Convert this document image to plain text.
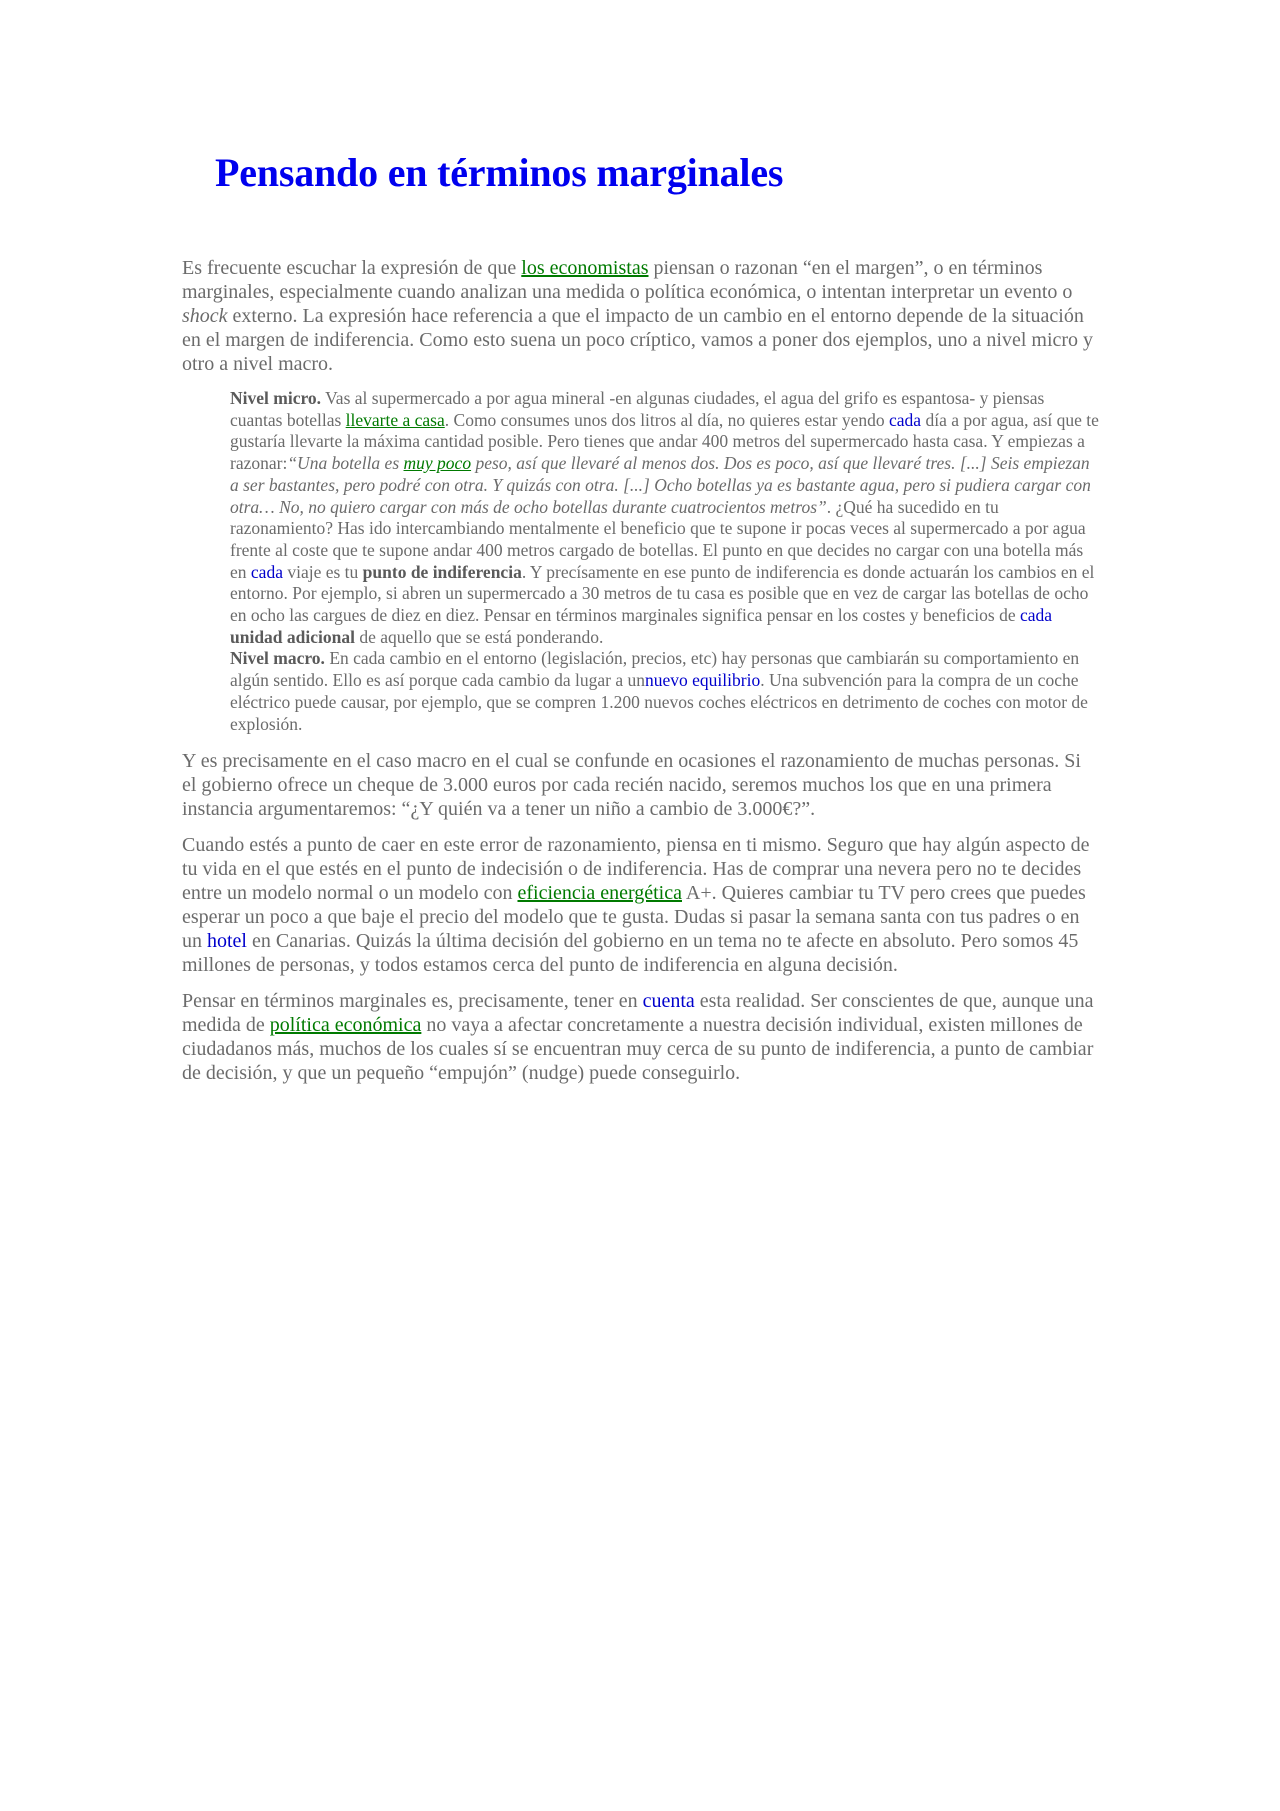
Pensando en términos marginales

Es frecuente escuchar la expresión de que los economistas piensan o razonan “en el margen”, o en términos marginales, especialmente cuando analizan una medida o política económica, o intentan interpretar un evento o shock externo. La expresión hace referencia a que el impacto de un cambio en el entorno depende de la situación en el margen de indiferencia. Como esto suena un poco críptico, vamos a poner dos ejemplos, uno a nivel micro y otro a nivel macro.

Nivel micro. Vas al supermercado a por agua mineral -en algunas ciudades, el agua del grifo es espantosa- y piensas cuantas botellas llevarte a casa. Como consumes unos dos litros al día, no quieres estar yendo cada día a por agua, así que te gustaría llevarte la máxima cantidad posible. Pero tienes que andar 400 metros del supermercado hasta casa. Y empiezas a razonar:“Una botella es muy poco peso, así que llevaré al menos dos. Dos es poco, así que llevaré tres. [...] Seis empiezan a ser bastantes, pero podré con otra. Y quizás con otra. [...] Ocho botellas ya es bastante agua, pero si pudiera cargar con otra… No, no quiero cargar con más de ocho botellas durante cuatrocientos metros”. ¿Qué ha sucedido en tu razonamiento? Has ido intercambiando mentalmente el beneficio que te supone ir pocas veces al supermercado a por agua frente al coste que te supone andar 400 metros cargado de botellas. El punto en que decides no cargar con una botella más en cada viaje es tu punto de indiferencia. Y precísamente en ese punto de indiferencia es donde actuarán los cambios en el entorno. Por ejemplo, si abren un supermercado a 30 metros de tu casa es posible que en vez de cargar las botellas de ocho en ocho las cargues de diez en diez. Pensar en términos marginales significa pensar en los costes y beneficios de cada unidad adicional de aquello que se está ponderando.

Nivel macro. En cada cambio en el entorno (legislación, precios, etc) hay personas que cambiarán su comportamiento en algún sentido. Ello es así porque cada cambio da lugar a unnuevo equilibrio. Una subvención para la compra de un coche eléctrico puede causar, por ejemplo, que se compren 1.200 nuevos coches eléctricos en detrimento de coches con motor de explosión.

Y es precisamente en el caso macro en el cual se confunde en ocasiones el razonamiento de muchas personas. Si el gobierno ofrece un cheque de 3.000 euros por cada recién nacido, seremos muchos los que en una primera instancia argumentaremos: “¿Y quién va a tener un niño a cambio de 3.000€?”.

Cuando estés a punto de caer en este error de razonamiento, piensa en ti mismo. Seguro que hay algún aspecto de tu vida en el que estés en el punto de indecisión o de indiferencia. Has de comprar una nevera pero no te decides entre un modelo normal o un modelo con eficiencia energética A+. Quieres cambiar tu TV pero crees que puedes esperar un poco a que baje el precio del modelo que te gusta. Dudas si pasar la semana santa con tus padres o en un hotel en Canarias. Quizás la última decisión del gobierno en un tema no te afecte en absoluto. Pero somos 45 millones de personas, y todos estamos cerca del punto de indiferencia en alguna decisión.

Pensar en términos marginales es, precisamente, tener en cuenta esta realidad. Ser conscientes de que, aunque una medida de política económica no vaya a afectar concretamente a nuestra decisión individual, existen millones de ciudadanos más, muchos de los cuales sí se encuentran muy cerca de su punto de indiferencia, a punto de cambiar de decisión, y que un pequeño “empujón” (nudge) puede conseguirlo.
